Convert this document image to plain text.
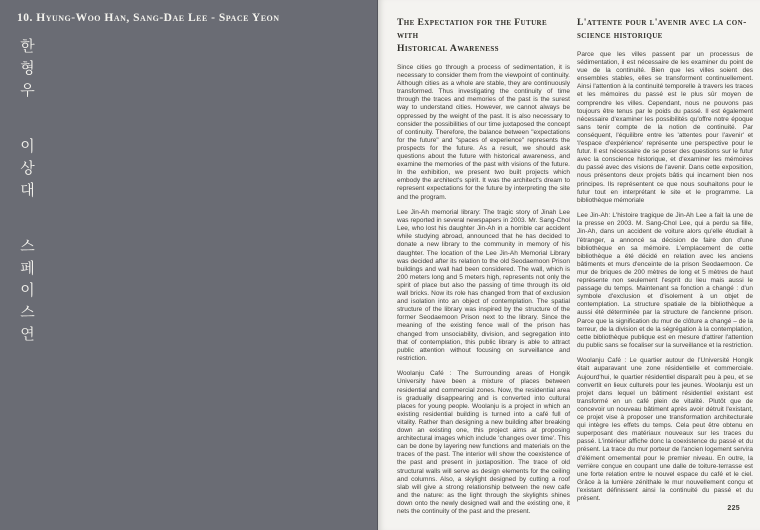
10. Hyung-Woo Han, Sang-Dae Lee - Space Yeon
한형우 이상대 스페이스연
The Expectation for the Future with
Historical Awareness

Since cities go through a process of sedimentation, it is necessary to consider them from the viewpoint of continuity. Although cities as a whole are stable, they are continuously transformed. Thus investigating the continuity of time through the traces and memories of the past is the surest way to understand cities. However, we cannot always be oppressed by the weight of the past. It is also necessary to consider the possibilities of our time juxtaposed the concept of continuity. Therefore, the balance between "expectations for the future" and "spaces of experience" represents the prospects for the future. As a result, we should ask questions about the future with historical awareness, and examine the memories of the past with visions of the future. In the exhibition, we present two built projects which embody the architect's spirit. It was the architect's dream to represent expectations for the future by interpreting the site and the program.

Lee Jin-Ah memorial library: The tragic story of Jinah Lee was reported in several newspapers in 2003. Mr. Sang-Chol Lee, who lost his daughter Jin-Ah in a horrible car accident while studying abroad, announced that he has decided to donate a new library to the community in memory of his daughter. The location of the Lee Jin-Ah Memorial Library was decided after its relation to the old Seodaemoon Prison buildings and wall had been considered. The wall, which is 200 meters long and 5 meters high, represents not only the spirit of place but also the passing of time through its old wall bricks. Now its role has changed from that of exclusion and isolation into an object of contemplation. The spatial structure of the library was inspired by the structure of the former Seodaemoon Prison next to the library. Since the meaning of the existing fence wall of the prison has changed from unsociability, division, and segregation into that of contemplation, this public library is able to attract public attention without focusing on surveillance and restriction.

Woolanju Café : The Surrounding areas of Hongik University have been a mixture of places between residential and commercial zones. Now, the residential area is gradually disappearing and is converted into cultural places for young people. Woolanju is a project in which an existing residential building is turned into a café full of vitality. Rather than designing a new building after breaking down an existing one, this project aims at proposing architectural images which include 'changes over time'. This can be done by layering new functions and materials on the traces of the past. The interior will show the coexistence of the past and present in juxtaposition. The trace of old structural walls will serve as design elements for the ceiling and columns. Also, a skylight designed by cutting a roof slab will give a strong relationship between the new cafe and the nature: as the light through the skylights shines down onto the newly designed wall and the existing one, it nets the continuity of the past and the present.

L'attente pour l'avenir avec la con-
science historique

Parce que les villes passent par un processus de sédimentation, il est nécessaire de les examiner du point de vue de la continuité. Bien que les villes soient des ensembles stables, elles se transforment continuellement. Ainsi l'attention à la continuité temporelle à travers les traces et les mémoires du passé est le plus sûr moyen de comprendre les villes. Cependant, nous ne pouvons pas toujours être tenus par le poids du passé. Il est également nécessaire d'examiner les possibilités qu'offre notre époque sans tenir compte de la notion de continuité. Par conséquent, l'équilibre entre les 'attentes pour l'avenir' et 'l'espace d'expérience' représente une perspective pour le futur. Il est nécessaire de se poser des questions sur le futur avec la conscience historique, et d'examiner les mémoires du passé avec des visions de l'avenir. Dans cette exposition, nous présentons deux projets bâtis qui incarnent bien nos principes. Ils représentent ce que nous souhaitons pour le futur tout en interprétant le site et le programme. La bibliothèque mémoriale

Lee Jin-Ah: L'histoire tragique de Jin-Ah Lee a fait la une de la presse en 2003. M. Sang-Chol Lee, qui a perdu sa fille, Jin-Ah, dans un accident de voiture alors qu'elle étudiait à l'étranger, a annoncé sa décision de faire don d'une bibliothèque en sa mémoire. L'emplacement de cette bibliothèque a été décidé en relation avec les anciens bâtiments et murs d'enceinte de la prison Seodaemoon. Ce mur de briques de 200 mètres de long et 5 mètres de haut représente non seulement l'esprit du lieu mais aussi le passage du temps. Maintenant sa fonction a changé : d'un symbole d'exclusion et d'isolement à un objet de contemplation. La structure spatiale de la bibliothèque a aussi été déterminée par la structure de l'ancienne prison. Parce que la signification du mur de clôture a changé – de la terreur, de la division et de la ségrégation à la contemplation, cette bibliothèque publique est en mesure d'attirer l'attention du public sans se focaliser sur la surveillance et la restriction.

Woolanju Café : Le quartier autour de l'Université Hongik était auparavant une zone résidentielle et commerciale. Aujourd'hui, le quartier résidentiel disparaît peu à peu, et se convertit en lieux culturels pour les jeunes. Woolanju est un projet dans lequel un bâtiment résidentiel existant est transformé en un café plein de vitalité. Plutôt que de concevoir un nouveau bâtiment après avoir détruit l'existant, ce projet vise à proposer une transformation architecturale qui intègre les effets du temps. Cela peut être obtenu en superposant des matériaux nouveaux sur les traces du passé. L'intérieur affiche donc la coexistence du passé et du présent. La trace du mur porteur de l'ancien logement servira d'élément ornemental pour le premier niveau. En outre, la verrière conçue en coupant une dalle de toiture-terrasse est une forte relation entre le nouvel espace du café et le ciel. Grâce à la lumière zénithale le mur nouvellement conçu et l'existant définissent ainsi la continuité du passé et du présent.

225
